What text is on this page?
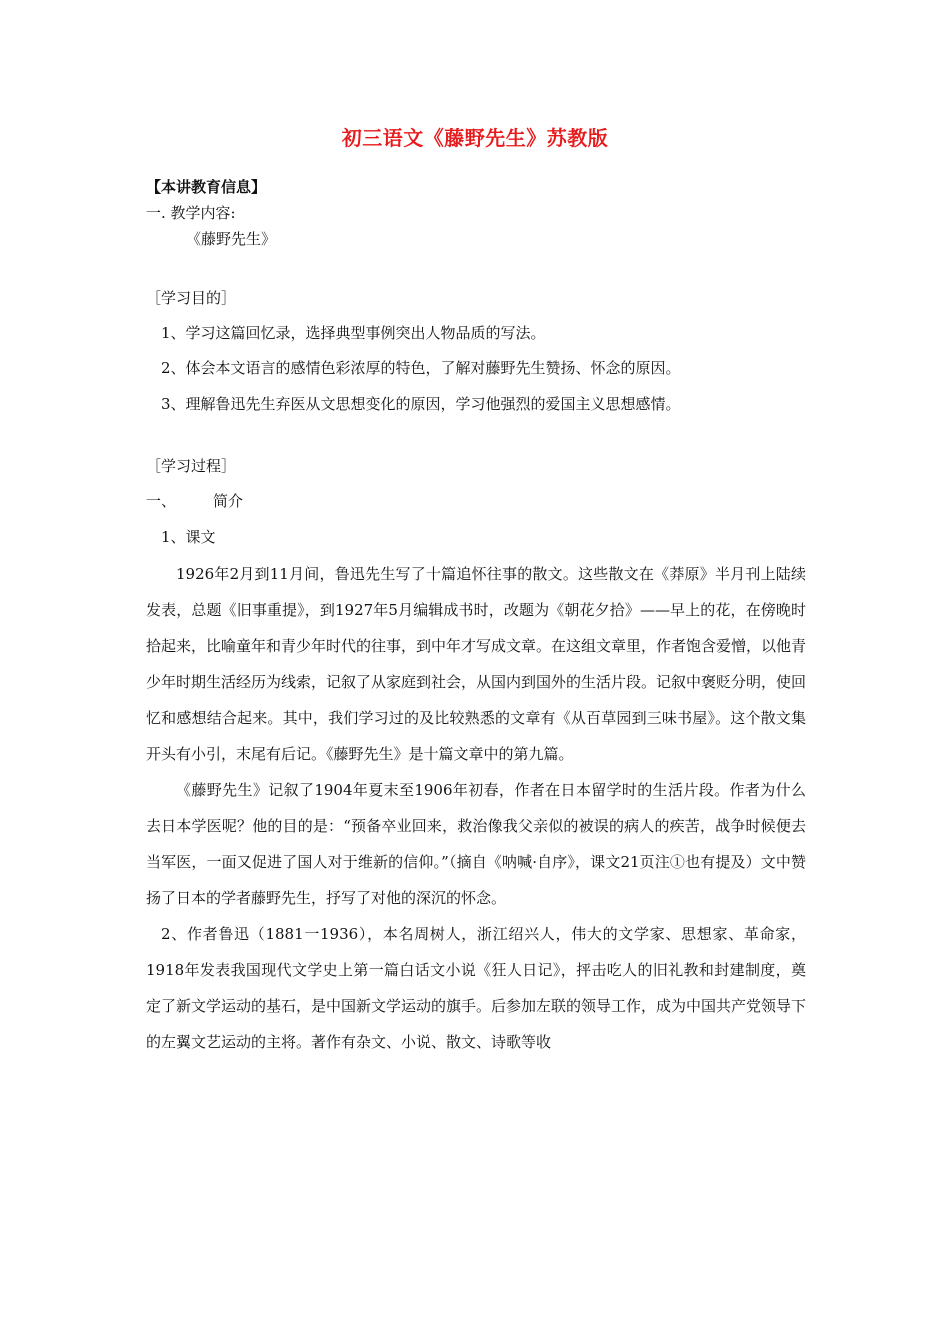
初三语文《藤野先生》苏教版
【本讲教育信息】
一. 教学内容:
《藤野先生》
［学习目的］
1、学习这篇回忆录，选择典型事例突出人物品质的写法。
2、体会本文语言的感情色彩浓厚的特色，了解对藤野先生赞扬、怀念的原因。
3、理解鲁迅先生弃医从文思想变化的原因，学习他强烈的爱国主义思想感情。
［学习过程］
一、 简介
1、课文

1926年2月到11月间，鲁迅先生写了十篇追怀往事的散文。这些散文在《莽原》半月刊上陆续发表，总题《旧事重提》，到1927年5月编辑成书时，改题为《朝花夕拾》——早上的花，在傍晚时拾起来，比喻童年和青少年时代的往事，到中年才写成文章。在这组文章里，作者饱含爱憎，以他青少年时期生活经历为线索，记叙了从家庭到社会，从国内到国外的生活片段。记叙中褒贬分明，使回忆和感想结合起来。其中，我们学习过的及比较熟悉的文章有《从百草园到三味书屋》。这个散文集开头有小引，末尾有后记。《藤野先生》是十篇文章中的第九篇。

《藤野先生》记叙了1904年夏末至1906年初春，作者在日本留学时的生活片段。作者为什么去日本学医呢？他的目的是：“预备卒业回来，救治像我父亲似的被误的病人的疾苦，战争时候便去当军医，一面又促进了国人对于维新的信仰。”（摘自《呐喊·自序》，课文21页注①也有提及）文中赞扬了日本的学者藤野先生，抒写了对他的深沉的怀念。

2、作者鲁迅（1881一1936），本名周树人，浙江绍兴人，伟大的文学家、思想家、革命家，1918年发表我国现代文学史上第一篇白话文小说《狂人日记》，抨击吃人的旧礼教和封建制度，奠定了新文学运动的基石，是中国新文学运动的旗手。后参加左联的领导工作，成为中国共产党领导下的左翼文艺运动的主将。著作有杂文、小说、散文、诗歌等收
